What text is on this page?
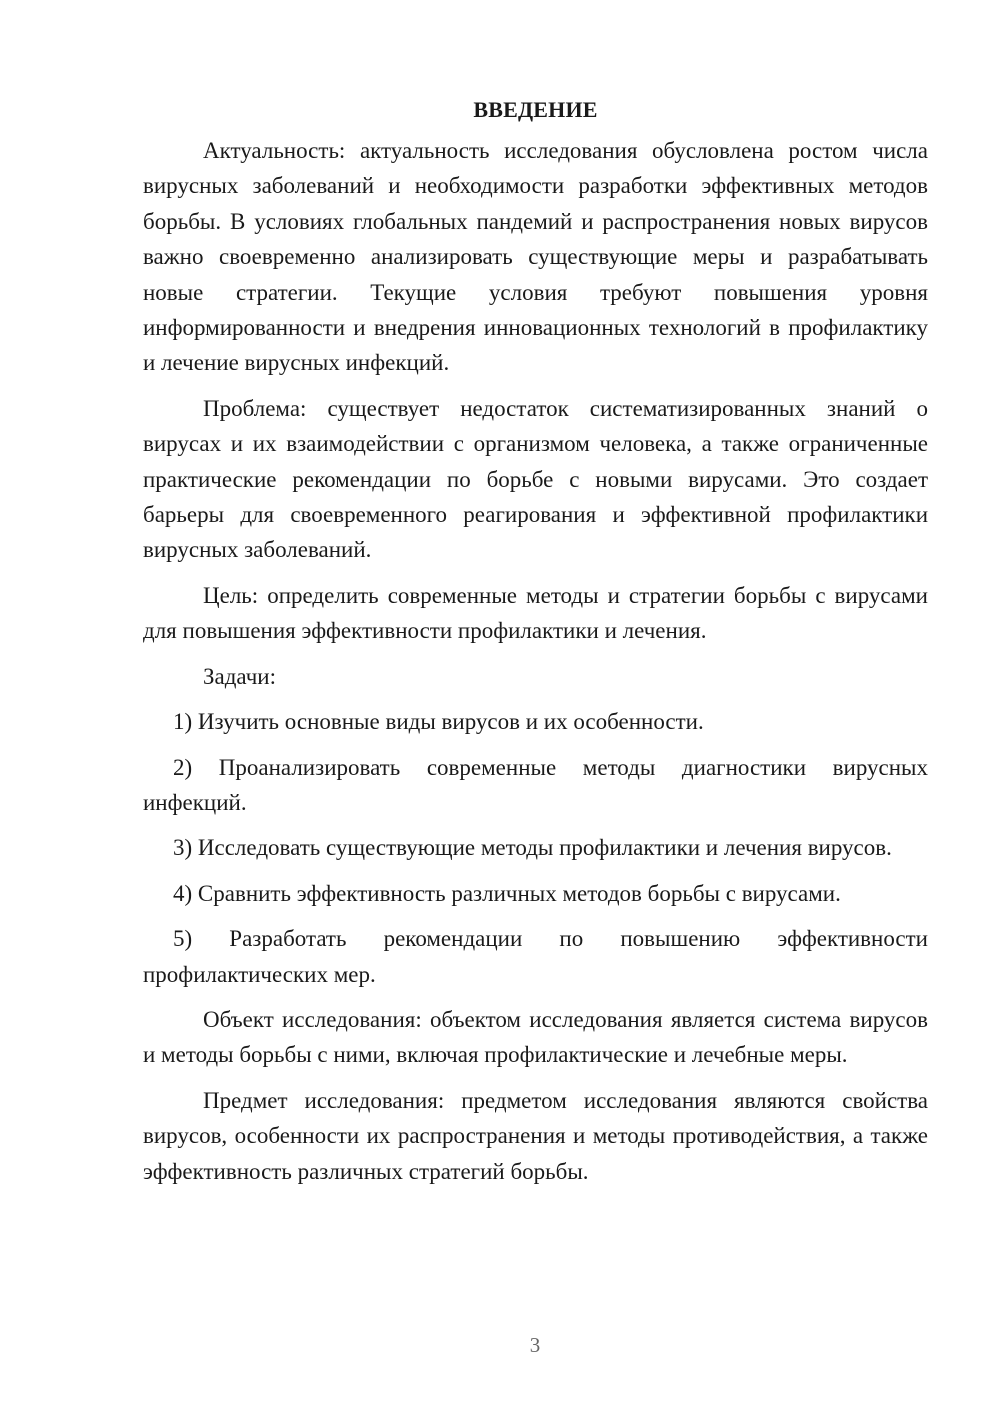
ВВЕДЕНИЕ

Актуальность: актуальность исследования обусловлена ростом числа вирусных заболеваний и необходимости разработки эффективных методов борьбы. В условиях глобальных пандемий и распространения новых вирусов важно своевременно анализировать существующие меры и разрабатывать новые стратегии. Текущие условия требуют повышения уровня информированности и внедрения инновационных технологий в профилактику и лечение вирусных инфекций.

Проблема: существует недостаток систематизированных знаний о вирусах и их взаимодействии с организмом человека, а также ограниченные практические рекомендации по борьбе с новыми вирусами. Это создает барьеры для своевременного реагирования и эффективной профилактики вирусных заболеваний.

Цель: определить современные методы и стратегии борьбы с вирусами для повышения эффективности профилактики и лечения.

Задачи:

1) Изучить основные виды вирусов и их особенности.

2) Проанализировать современные методы диагностики вирусных инфекций.

3) Исследовать существующие методы профилактики и лечения вирусов.

4) Сравнить эффективность различных методов борьбы с вирусами.

5) Разработать рекомендации по повышению эффективности профилактических мер.

Объект исследования: объектом исследования является система вирусов и методы борьбы с ними, включая профилактические и лечебные меры.

Предмет исследования: предметом исследования являются свойства вирусов, особенности их распространения и методы противодействия, а также эффективность различных стратегий борьбы.

3
